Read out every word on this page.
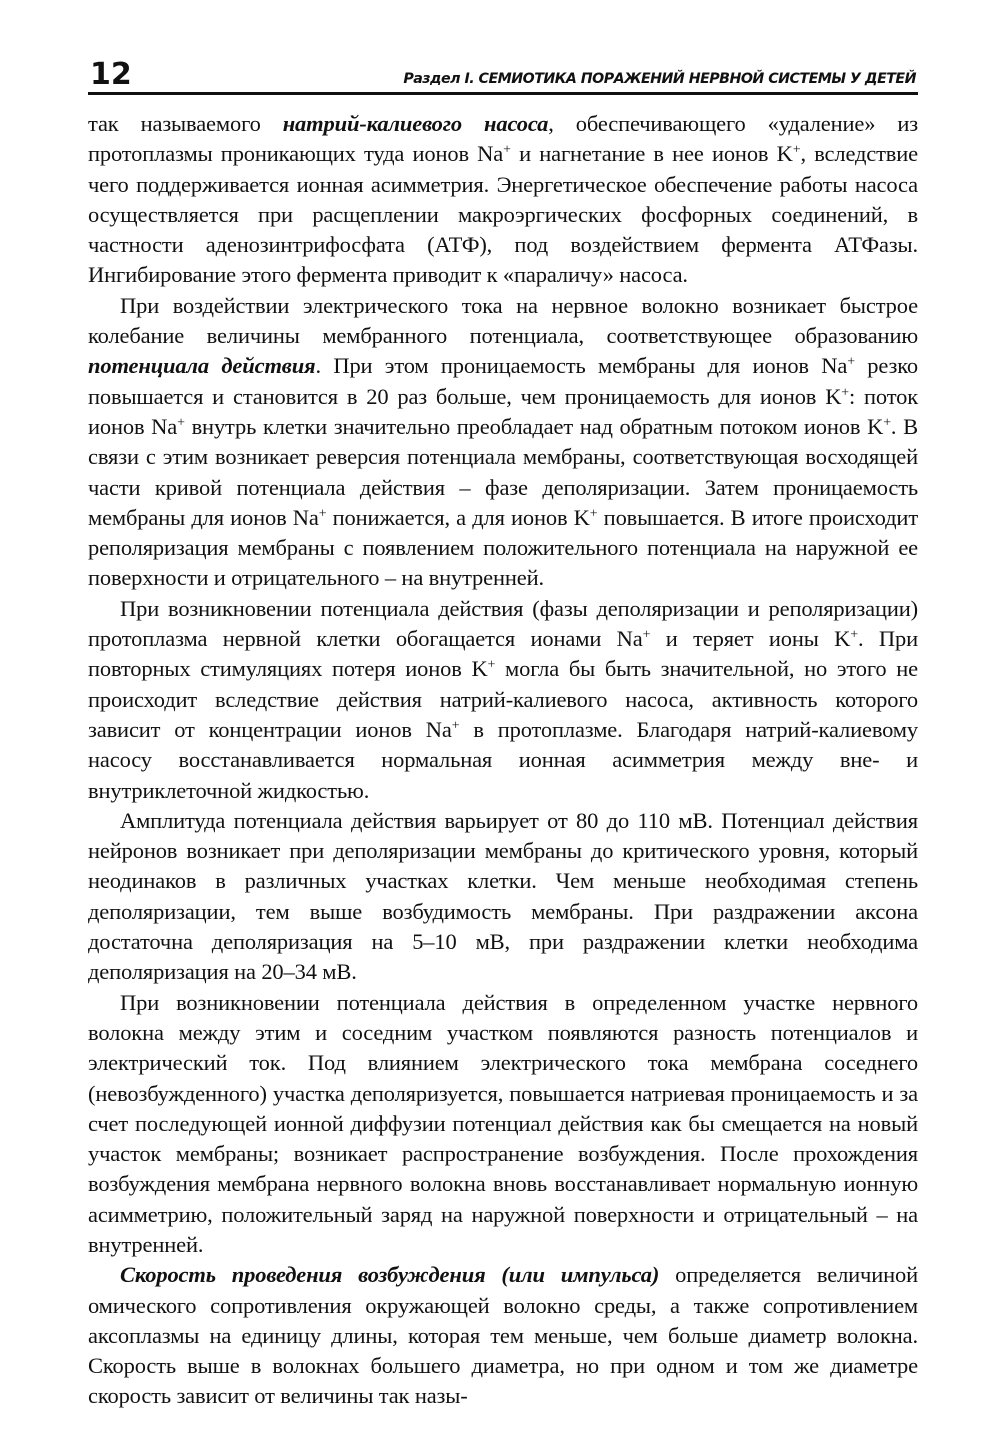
12	Раздел I. СЕМИОТИКА ПОРАЖЕНИЙ НЕРВНОЙ СИСТЕМЫ У ДЕТЕЙ

так называемого натрий-калиевого насоса, обеспечивающего «удаление» из протоплазмы проникающих туда ионов Na+ и нагнетание в нее ионов K+, вследствие чего поддерживается ионная асимметрия. Энергетическое обеспечение работы насоса осуществляется при расщеплении макроэргических фосфорных соединений, в частности аденозинтрифосфата (АТФ), под воздействием фермента АТФазы. Ингибирование этого фермента приводит к «параличу» насоса.

При воздействии электрического тока на нервное волокно возникает быстрое колебание величины мембранного потенциала, соответствующее образованию потенциала действия. При этом проницаемость мембраны для ионов Na+ резко повышается и становится в 20 раз больше, чем проницаемость для ионов K+: поток ионов Na+ внутрь клетки значительно преобладает над обратным потоком ионов K+. В связи с этим возникает реверсия потенциала мембраны, соответствующая восходящей части кривой потенциала действия – фазе деполяризации. Затем проницаемость мембраны для ионов Na+ понижается, а для ионов K+ повышается. В итоге происходит реполяризация мембраны с появлением положительного потенциала на наружной ее поверхности и отрицательного – на внутренней.

При возникновении потенциала действия (фазы деполяризации и реполяризации) протоплазма нервной клетки обогащается ионами Na+ и теряет ионы K+. При повторных стимуляциях потеря ионов K+ могла бы быть значительной, но этого не происходит вследствие действия натрий-калиевого насоса, активность которого зависит от концентрации ионов Na+ в протоплазме. Благодаря натрий-калиевому насосу восстанавливается нормальная ионная асимметрия между вне- и внутриклеточной жидкостью.

Амплитуда потенциала действия варьирует от 80 до 110 мВ. Потенциал действия нейронов возникает при деполяризации мембраны до критического уровня, который неодинаков в различных участках клетки. Чем меньше необходимая степень деполяризации, тем выше возбудимость мембраны. При раздражении аксона достаточна деполяризация на 5–10 мВ, при раздражении клетки необходима деполяризация на 20–34 мВ.

При возникновении потенциала действия в определенном участке нервного волокна между этим и соседним участком появляются разность потенциалов и электрический ток. Под влиянием электрического тока мембрана соседнего (невозбужденного) участка деполяризуется, повышается натриевая проницаемость и за счет последующей ионной диффузии потенциал действия как бы смещается на новый участок мембраны; возникает распространение возбуждения. После прохождения возбуждения мембрана нервного волокна вновь восстанавливает нормальную ионную асимметрию, положительный заряд на наружной поверхности и отрицательный – на внутренней.

Скорость проведения возбуждения (или импульса) определяется величиной омического сопротивления окружающей волокно среды, а также сопротивлением аксоплазмы на единицу длины, которая тем меньше, чем больше диаметр волокна. Скорость выше в волокнах большего диаметра, но при одном и том же диаметре скорость зависит от величины так назы-
